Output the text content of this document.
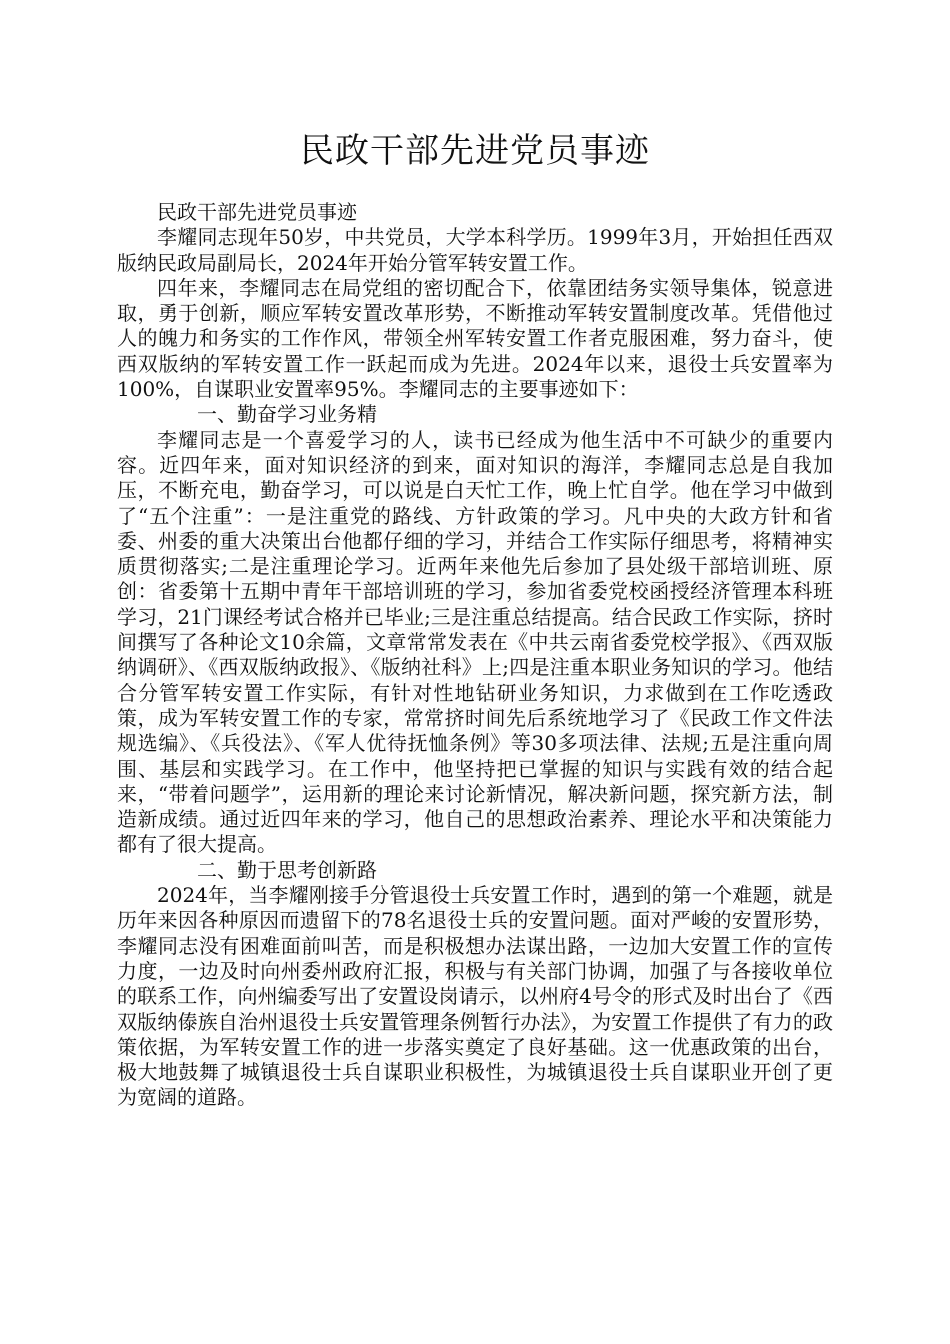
民政干部先进党员事迹

民政干部先进党员事迹

李耀同志现年50岁，中共党员，大学本科学历。1999年3月，开始担任西双版纳民政局副局长，2024年开始分管军转安置工作。

四年来，李耀同志在局党组的密切配合下，依靠团结务实领导集体，锐意进取，勇于创新，顺应军转安置改革形势，不断推动军转安置制度改革。凭借他过人的魄力和务实的工作作风，带领全州军转安置工作者克服困难，努力奋斗，使西双版纳的军转安置工作一跃起而成为先进。2024年以来，退役士兵安置率为100%，自谋职业安置率95%。李耀同志的主要事迹如下：

一、勤奋学习业务精

李耀同志是一个喜爱学习的人，读书已经成为他生活中不可缺少的重要内容。近四年来，面对知识经济的到来，面对知识的海洋，李耀同志总是自我加压，不断充电，勤奋学习，可以说是白天忙工作，晚上忙自学。他在学习中做到了“五个注重”：一是注重党的路线、方针政策的学习。凡中央的大政方针和省委、州委的重大决策出台他都仔细的学习，并结合工作实际仔细思考，将精神实质贯彻落实;二是注重理论学习。近两年来他先后参加了县处级干部培训班、原创：省委第十五期中青年干部培训班的学习，参加省委党校函授经济管理本科班学习，21门课经考试合格并已毕业;三是注重总结提高。结合民政工作实际，挤时间撰写了各种论文10余篇，文章常常发表在《中共云南省委党校学报》、《西双版纳调研》、《西双版纳政报》、《版纳社科》上;四是注重本职业务知识的学习。他结合分管军转安置工作实际，有针对性地钻研业务知识，力求做到在工作吃透政策，成为军转安置工作的专家，常常挤时间先后系统地学习了《民政工作文件法规选编》、《兵役法》、《军人优待抚恤条例》等30多项法律、法规;五是注重向周围、基层和实践学习。在工作中，他坚持把已掌握的知识与实践有效的结合起来，“带着问题学”，运用新的理论来讨论新情况，解决新问题，探究新方法，制造新成绩。通过近四年来的学习，他自己的思想政治素养、理论水平和决策能力都有了很大提高。

二、勤于思考创新路

2024年，当李耀刚接手分管退役士兵安置工作时，遇到的第一个难题，就是历年来因各种原因而遗留下的78名退役士兵的安置问题。面对严峻的安置形势，李耀同志没有困难面前叫苦，而是积极想办法谋出路，一边加大安置工作的宣传力度，一边及时向州委州政府汇报，积极与有关部门协调，加强了与各接收单位的联系工作，向州编委写出了安置设岗请示，以州府4号令的形式及时出台了《西双版纳傣族自治州退役士兵安置管理条例暂行办法》，为安置工作提供了有力的政策依据，为军转安置工作的进一步落实奠定了良好基础。这一优惠政策的出台，极大地鼓舞了城镇退役士兵自谋职业积极性，为城镇退役士兵自谋职业开创了更为宽阔的道路。
